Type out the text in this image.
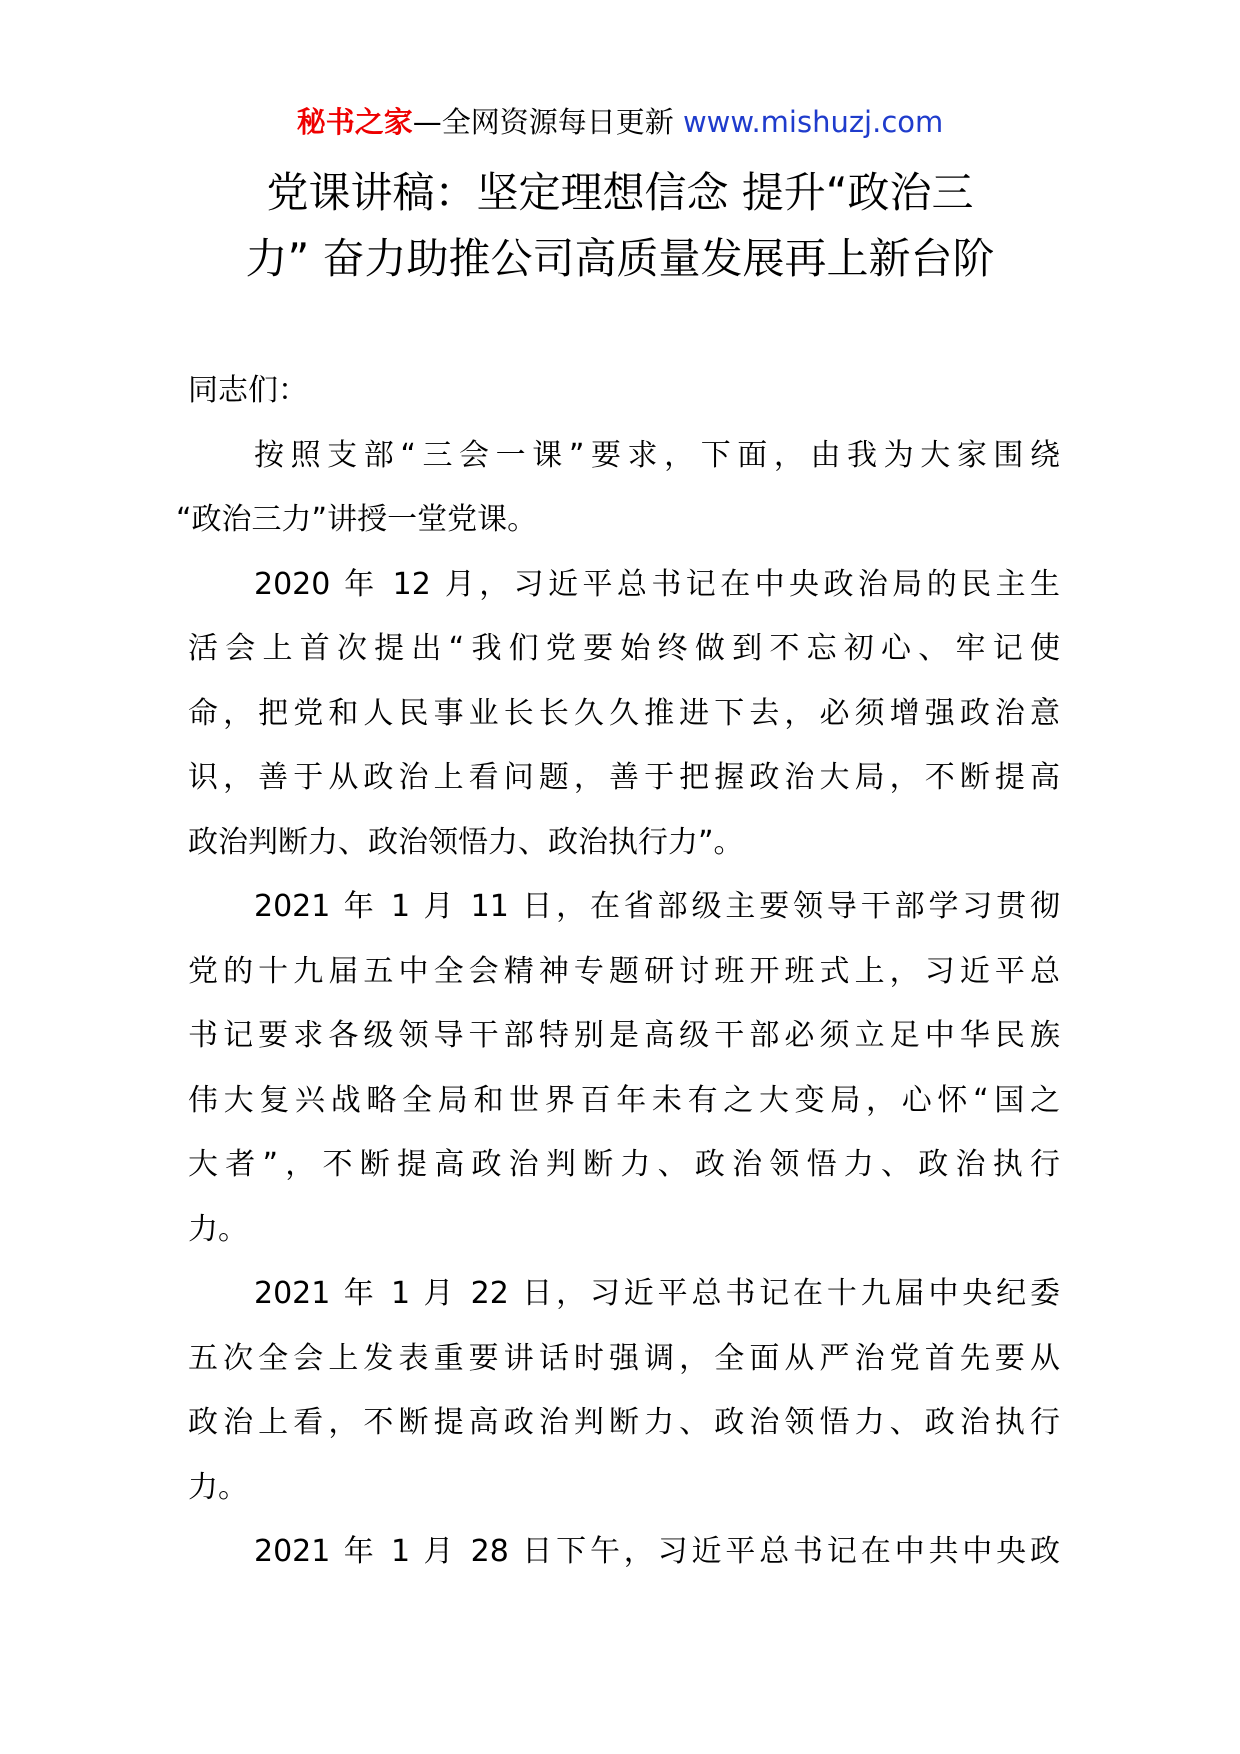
秘书之家—全网资源每日更新 www.mishuzj.com
党课讲稿：坚定理想信念 提升“政治三
力” 奋力助推公司高质量发展再上新台阶
同志们：
按照支部“三会一课”要求，下面，由我为大家围绕
“政治三力”讲授一堂党课。
2020 年 12 月，习近平总书记在中央政治局的民主生
活会上首次提出“我们党要始终做到不忘初心、牢记使
命，把党和人民事业长长久久推进下去，必须增强政治意
识，善于从政治上看问题，善于把握政治大局，不断提高
政治判断力、政治领悟力、政治执行力”。
2021 年 1 月 11 日，在省部级主要领导干部学习贯彻
党的十九届五中全会精神专题研讨班开班式上，习近平总
书记要求各级领导干部特别是高级干部必须立足中华民族
伟大复兴战略全局和世界百年未有之大变局，心怀“国之
大者”，不断提高政治判断力、政治领悟力、政治执行
力。
2021 年 1 月 22 日，习近平总书记在十九届中央纪委
五次全会上发表重要讲话时强调，全面从严治党首先要从
政治上看，不断提高政治判断力、政治领悟力、政治执行
力。
2021 年 1 月 28 日下午，习近平总书记在中共中央政
